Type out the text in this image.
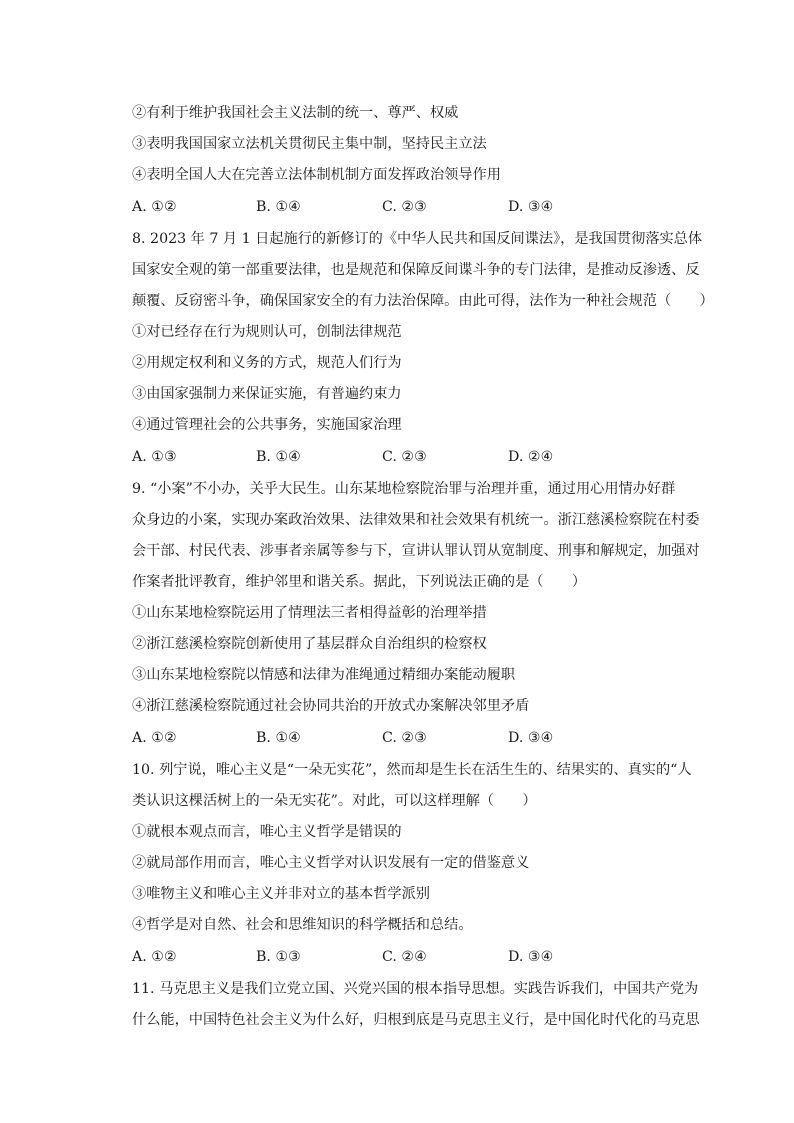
②有利于维护我国社会主义法制的统一、尊严、权威
③表明我国国家立法机关贯彻民主集中制，坚持民主立法
④表明全国人大在完善立法体制机制方面发挥政治领导作用
A. ①②	B. ①④	C. ②③	D. ③④
8. 2023 年 7 月 1 日起施行的新修订的《中华人民共和国反间谍法》，是我国贯彻落实总体
国家安全观的第一部重要法律，也是规范和保障反间谍斗争的专门法律，是推动反渗透、反
颠覆、反窃密斗争，确保国家安全的有力法治保障。由此可得，法作为一种社会规范（　　）
①对已经存在行为规则认可，创制法律规范
②用规定权利和义务的方式，规范人们行为
③由国家强制力来保证实施，有普遍约束力
④通过管理社会的公共事务，实施国家治理
A. ①③	B. ①④	C. ②③	D. ②④
9. “小案”不小办，关乎大民生。山东某地检察院治罪与治理并重，通过用心用情办好群
众身边的小案，实现办案政治效果、法律效果和社会效果有机统一。浙江慈溪检察院在村委
会干部、村民代表、涉事者亲属等参与下，宣讲认罪认罚从宽制度、刑事和解规定，加强对
作案者批评教育，维护邻里和谐关系。据此，下列说法正确的是（　　）
①山东某地检察院运用了情理法三者相得益彰的治理举措
②浙江慈溪检察院创新使用了基层群众自治组织的检察权
③山东某地检察院以情感和法律为准绳通过精细办案能动履职
④浙江慈溪检察院通过社会协同共治的开放式办案解决邻里矛盾
A. ①②	B. ①④	C. ②③	D. ③④
10. 列宁说，唯心主义是“一朵无实花”，然而却是生长在活生生的、结果实的、真实的“人
类认识这棵活树上的一朵无实花”。对此，可以这样理解（　　）
①就根本观点而言，唯心主义哲学是错误的
②就局部作用而言，唯心主义哲学对认识发展有一定的借鉴意义
③唯物主义和唯心主义并非对立的基本哲学派别
④哲学是对自然、社会和思维知识的科学概括和总结。
A. ①②	B. ①③	C. ②④	D. ③④
11. 马克思主义是我们立党立国、兴党兴国的根本指导思想。实践告诉我们，中国共产党为
什么能，中国特色社会主义为什么好，归根到底是马克思主义行，是中国化时代化的马克思
